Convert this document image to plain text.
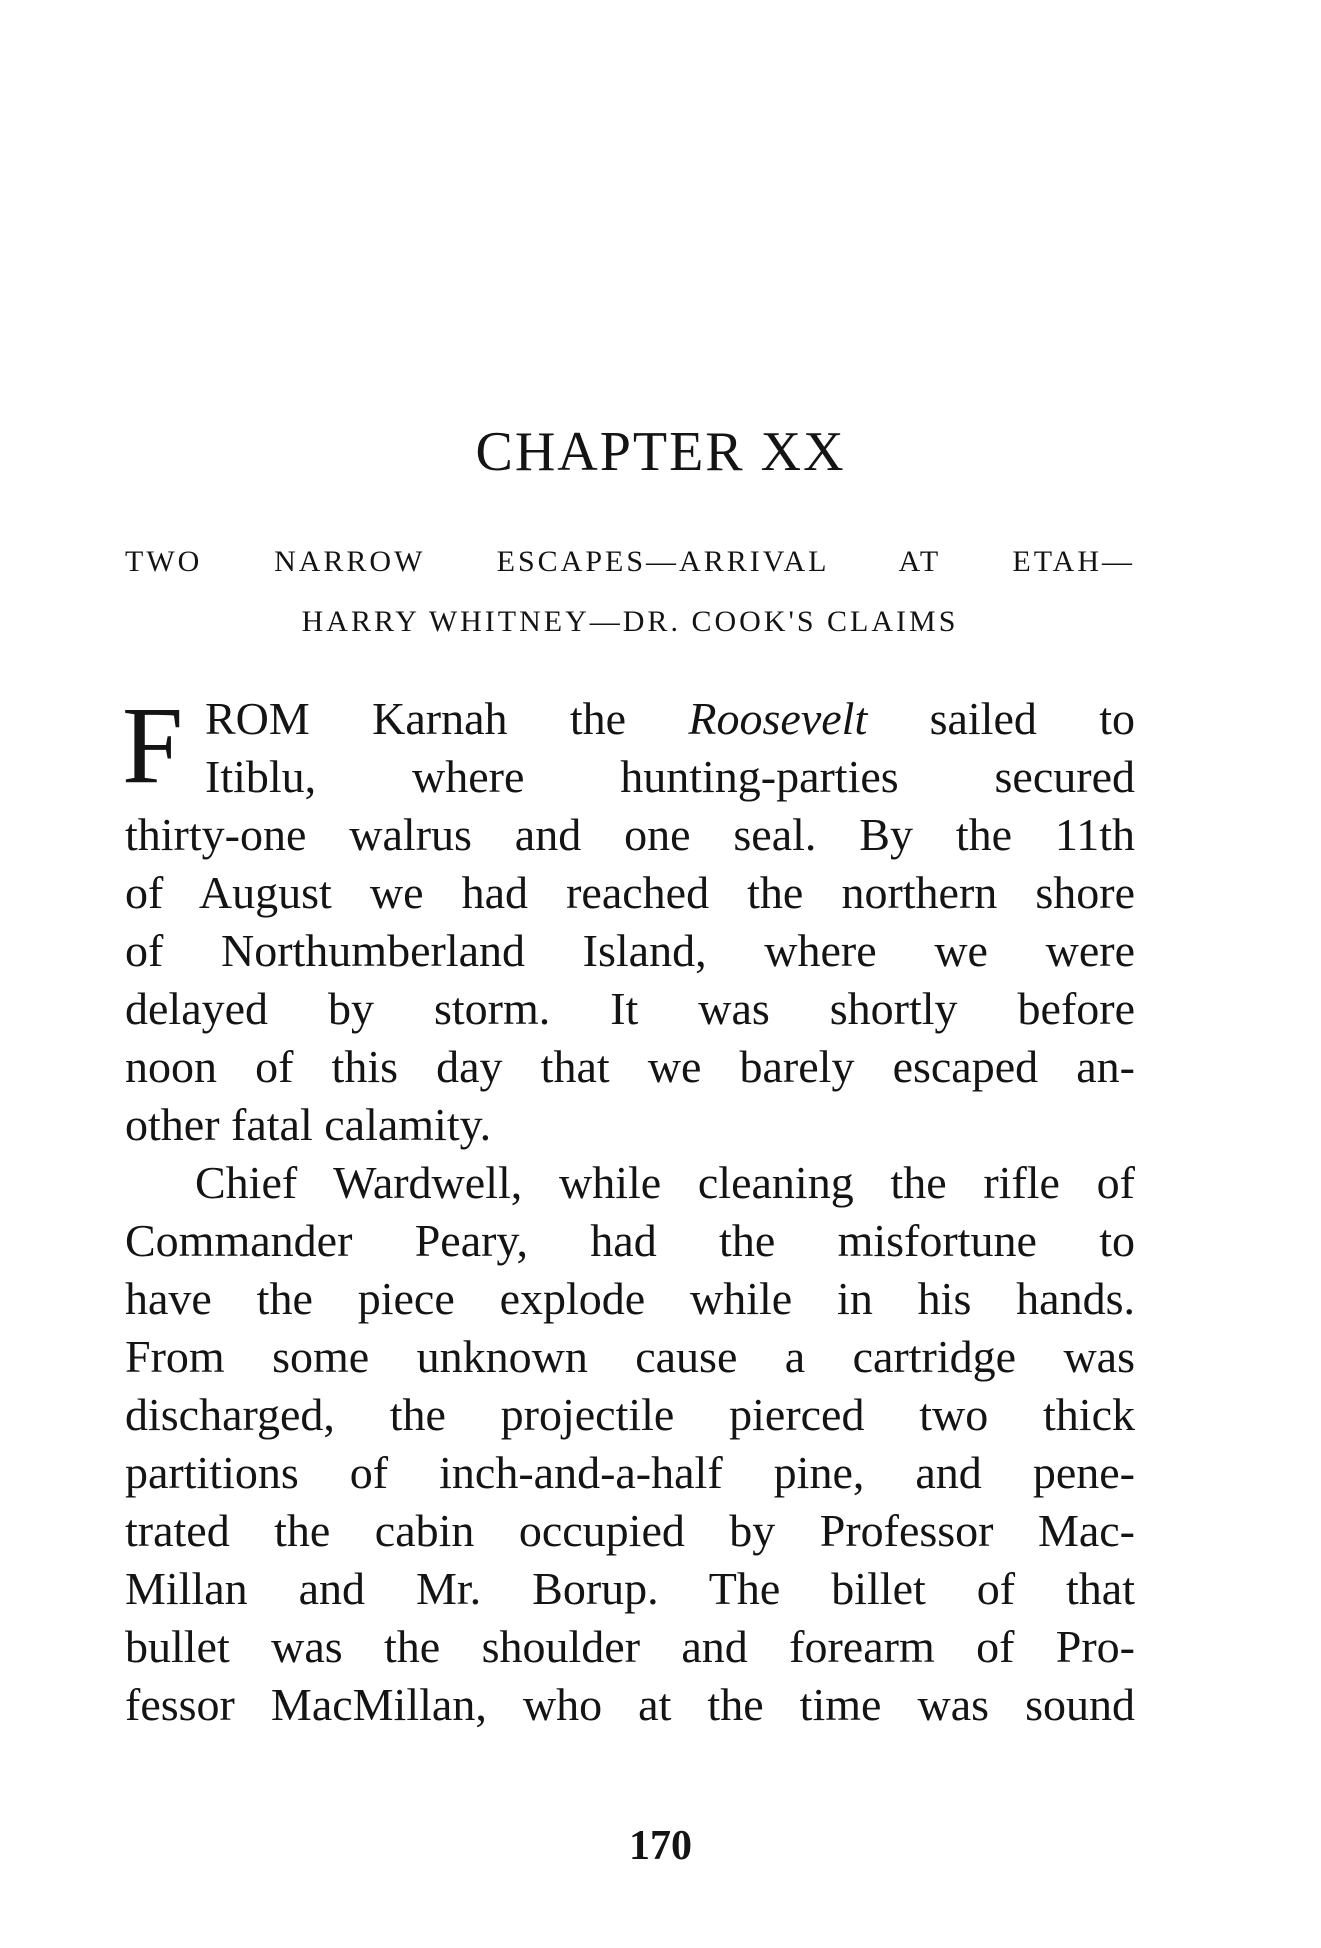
CHAPTER XX
TWO NARROW ESCAPES—ARRIVAL AT ETAH—
HARRY WHITNEY—DR. COOK'S CLAIMS
F ROM Karnah the Roosevelt sailed to
Itiblu, where hunting-parties secured
thirty-one walrus and one seal. By the 11th
of August we had reached the northern shore
of Northumberland Island, where we were
delayed by storm. It was shortly before
noon of this day that we barely escaped an-
other fatal calamity.
Chief Wardwell, while cleaning the rifle of
Commander Peary, had the misfortune to
have the piece explode while in his hands.
From some unknown cause a cartridge was
discharged, the projectile pierced two thick
partitions of inch-and-a-half pine, and pene-
trated the cabin occupied by Professor Mac-
Millan and Mr. Borup. The billet of that
bullet was the shoulder and forearm of Pro-
fessor MacMillan, who at the time was sound
170
